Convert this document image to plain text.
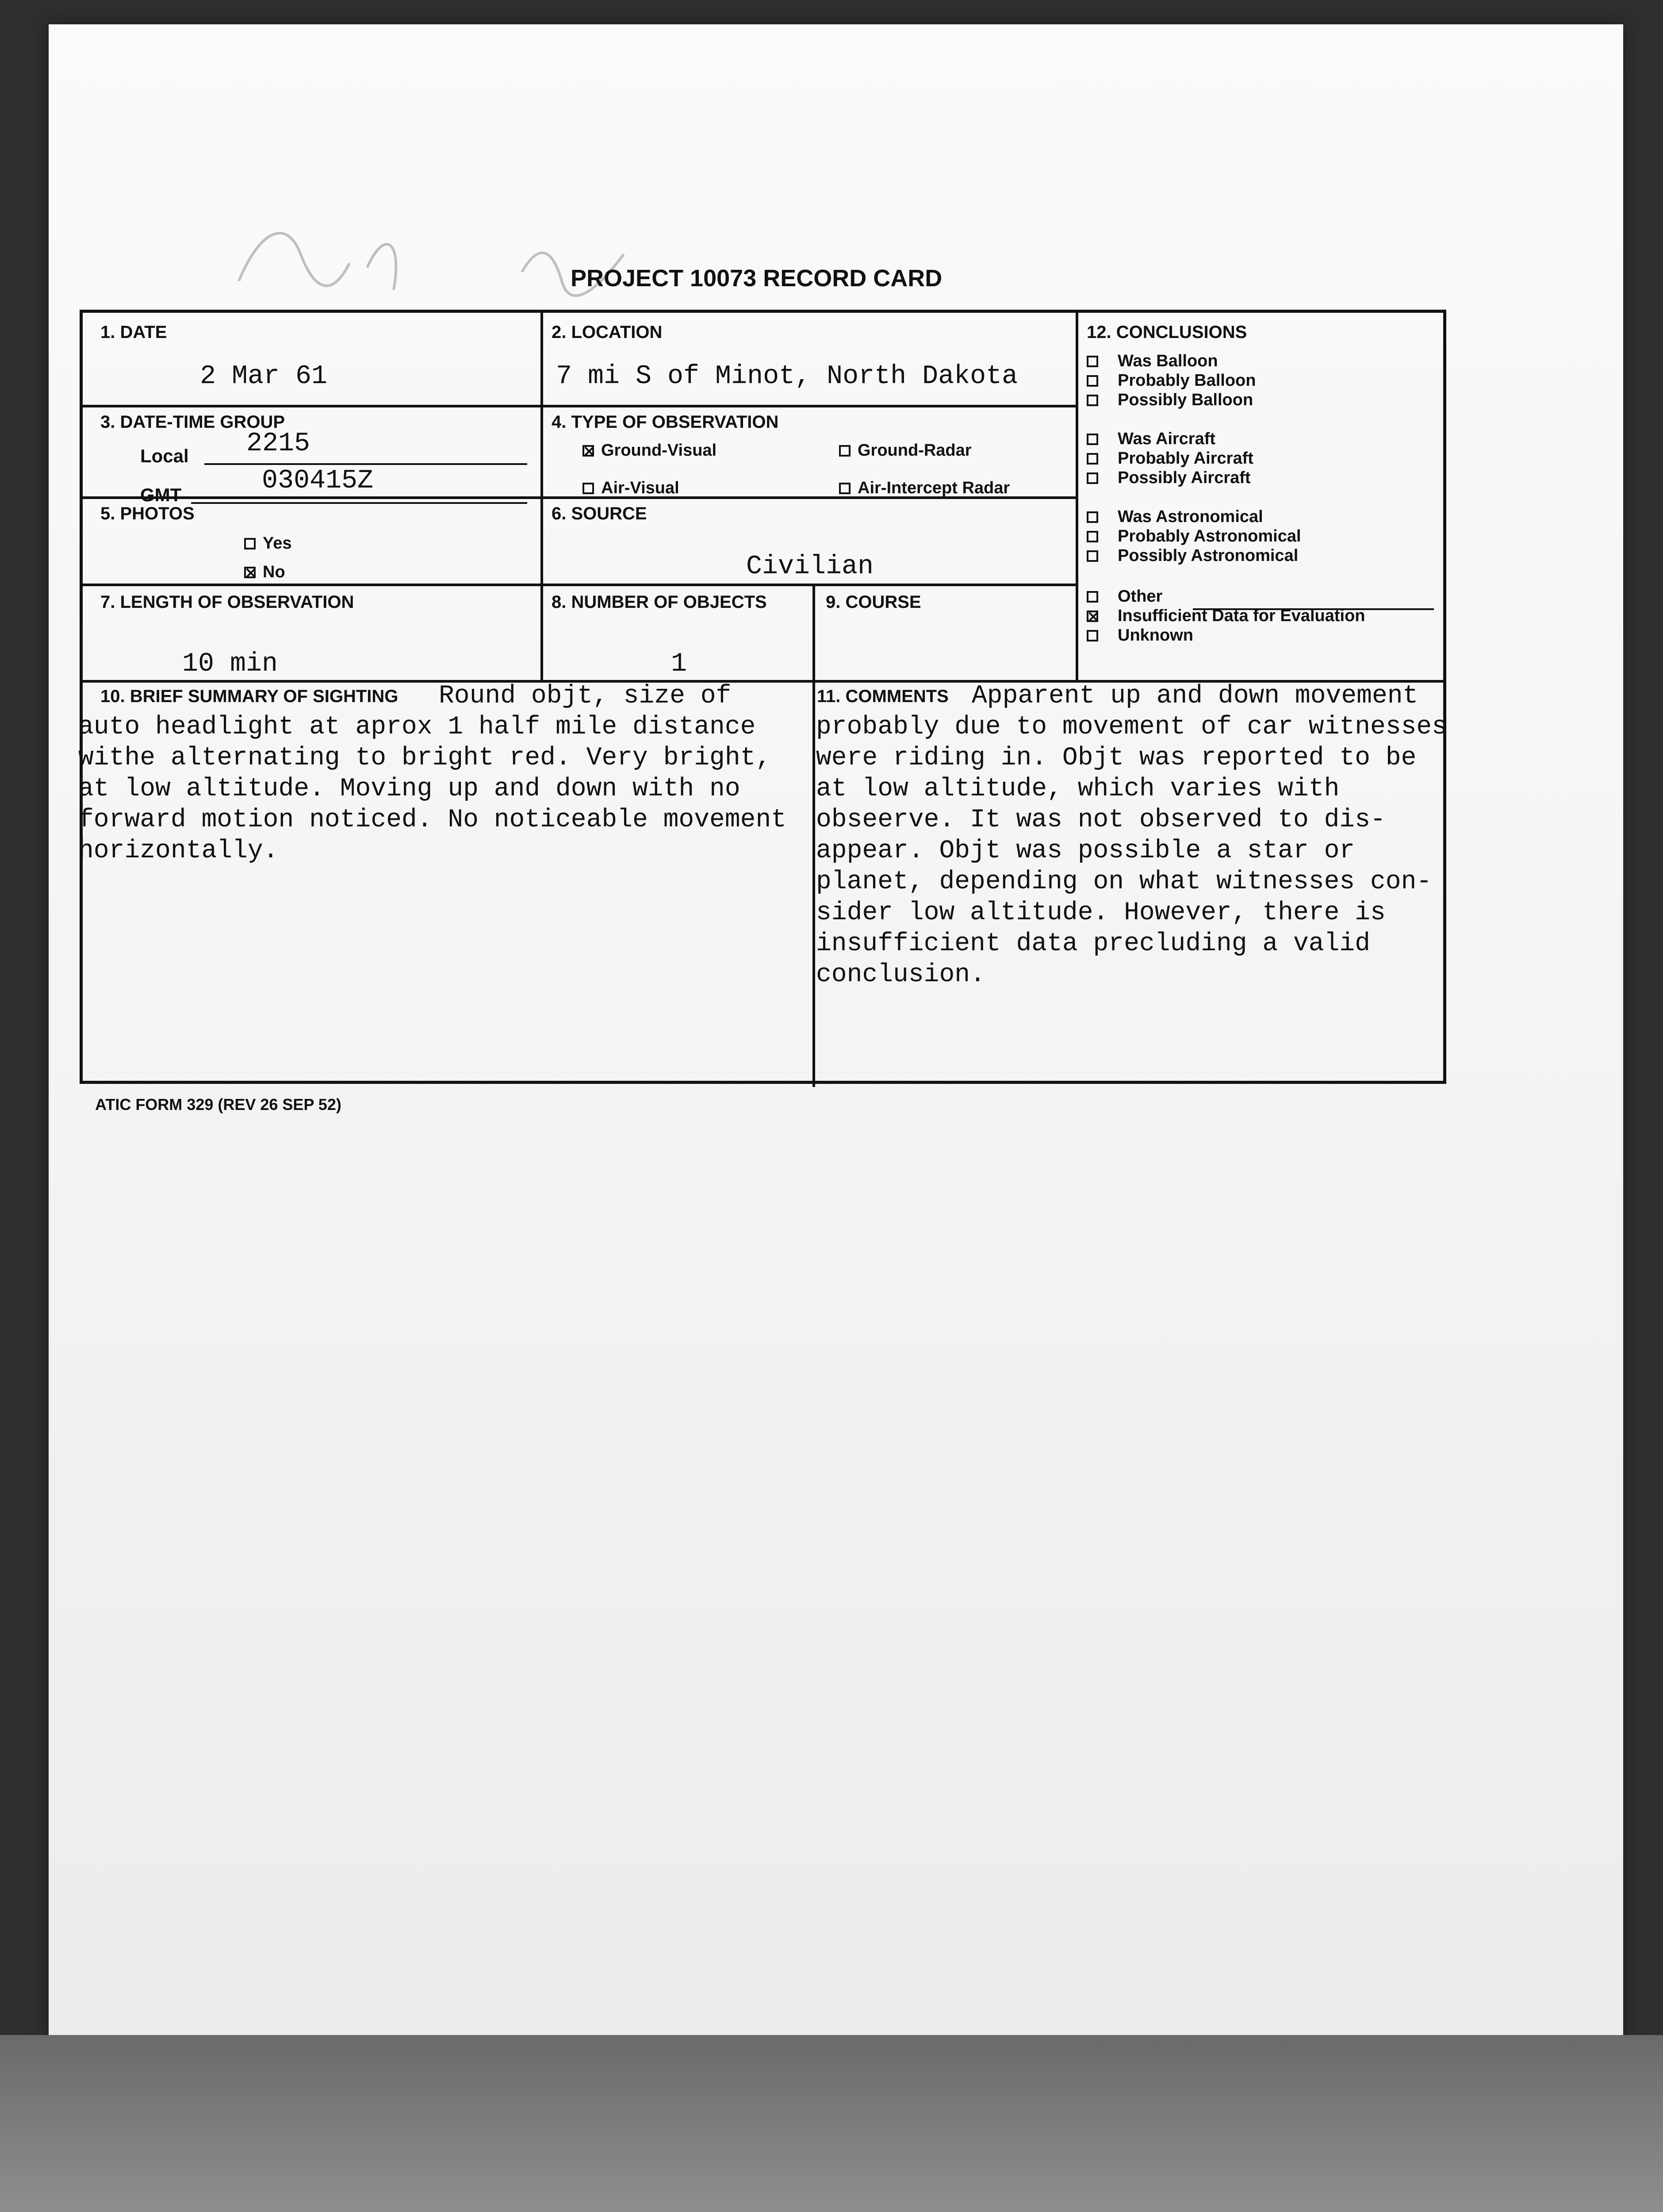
PROJECT 10073 RECORD CARD
1. DATE
2 Mar 61
2. LOCATION
7 mi S of Minot, North Dakota
3. DATE-TIME GROUP
Local 2215
GMT	030415Z
4. TYPE OF OBSERVATION
Ground-Visual	Ground-Radar
Air-Visual	Air-Intercept Radar
5. PHOTOS
Yes
No
6. SOURCE
Civilian
7. LENGTH OF OBSERVATION
10 min
8. NUMBER OF OBJECTS
1
9. COURSE
12. CONCLUSIONS
Was Balloon
Probably Balloon
Possibly Balloon
Was Aircraft
Probably Aircraft
Possibly Aircraft
Was Astronomical
Probably Astronomical
Possibly Astronomical
Other
Insufficient Data for Evaluation
Unknown
10. BRIEF SUMMARY OF SIGHTING Round objt, size of
auto headlight at aprox 1 half mile distance
withe alternating to bright red. Very bright,
at low altitude. Moving up and down with no
forward motion noticed. No noticeable movement
horizontally.
11. COMMENTS Apparent up and down movement
probably due to movement of car witnesses
were riding in. Objt was reported to be
at low altitude, which varies with
obseerve. It was not observed to dis-
appear. Objt was possible a star or
planet, depending on what witnesses con-
sider low altitude. However, there is
insufficient data precluding a valid
conclusion.
ATIC FORM 329 (REV 26 SEP 52)
